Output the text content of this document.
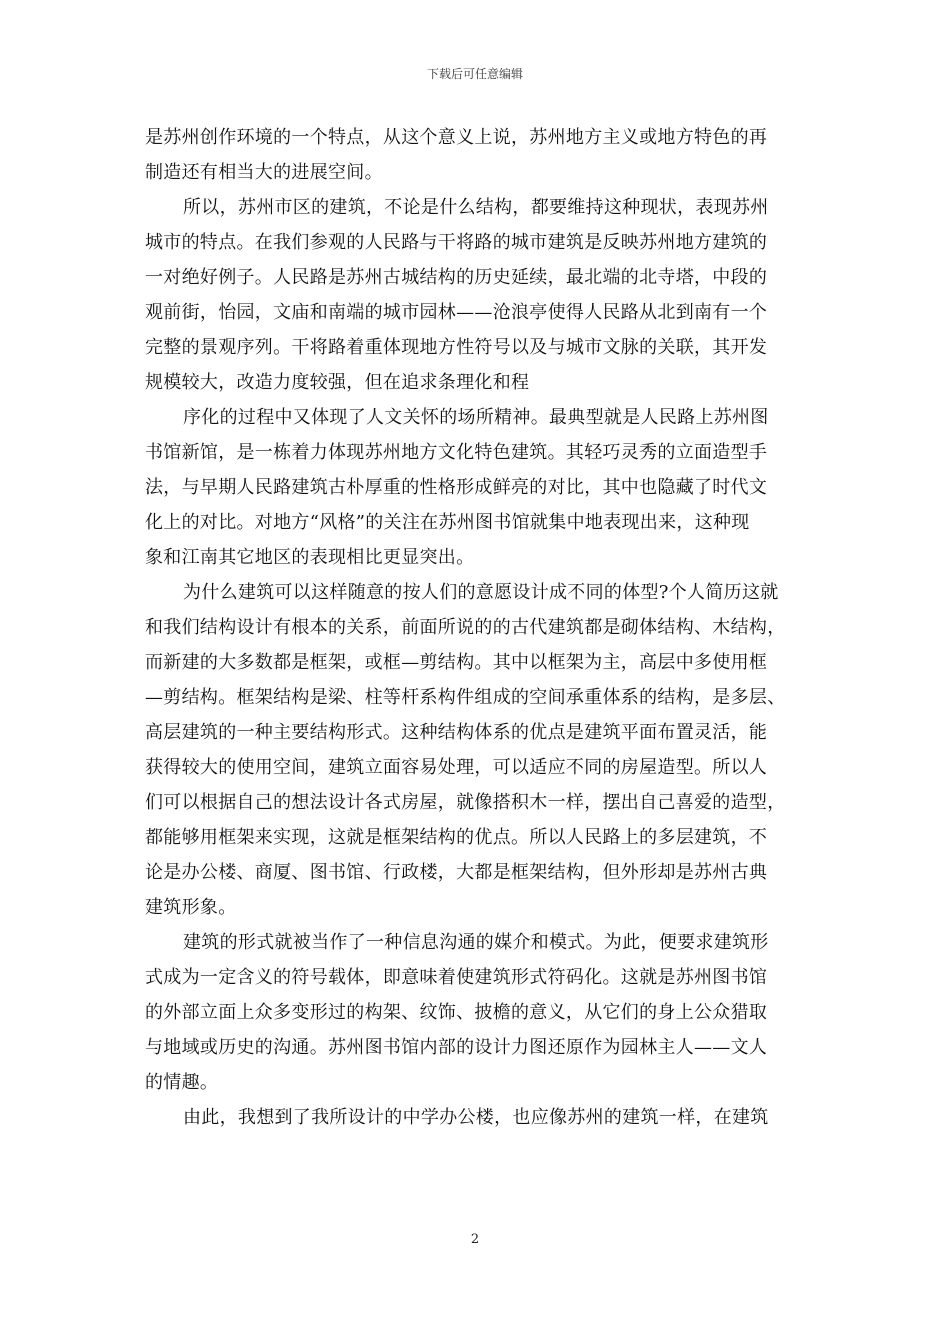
下载后可任意编辑

是苏州创作环境的一个特点，从这个意义上说，苏州地方主义或地方特色的再
制造还有相当大的进展空间。

所以，苏州市区的建筑，不论是什么结构，都要维持这种现状，表现苏州
城市的特点。在我们参观的人民路与干将路的城市建筑是反映苏州地方建筑的
一对绝好例子。人民路是苏州古城结构的历史延续，最北端的北寺塔，中段的
观前街，怡园，文庙和南端的城市园林——沧浪亭使得人民路从北到南有一个
完整的景观序列。干将路着重体现地方性符号以及与城市文脉的关联，其开发
规模较大，改造力度较强，但在追求条理化和程

序化的过程中又体现了人文关怀的场所精神。最典型就是人民路上苏州图
书馆新馆，是一栋着力体现苏州地方文化特色建筑。其轻巧灵秀的立面造型手
法，与早期人民路建筑古朴厚重的性格形成鲜亮的对比，其中也隐藏了时代文
化上的对比。对地方“风格”的关注在苏州图书馆就集中地表现出来，这种现
象和江南其它地区的表现相比更显突出。

为什么建筑可以这样随意的按人们的意愿设计成不同的体型?个人简历这就
和我们结构设计有根本的关系，前面所说的的古代建筑都是砌体结构、木结构，
而新建的大多数都是框架，或框—剪结构。其中以框架为主，高层中多使用框
—剪结构。框架结构是梁、柱等杆系构件组成的空间承重体系的结构，是多层、
高层建筑的一种主要结构形式。这种结构体系的优点是建筑平面布置灵活，能
获得较大的使用空间，建筑立面容易处理，可以适应不同的房屋造型。所以人
们可以根据自己的想法设计各式房屋，就像搭积木一样，摆出自己喜爱的造型，
都能够用框架来实现，这就是框架结构的优点。所以人民路上的多层建筑，不
论是办公楼、商厦、图书馆、行政楼，大都是框架结构，但外形却是苏州古典
建筑形象。

建筑的形式就被当作了一种信息沟通的媒介和模式。为此，便要求建筑形
式成为一定含义的符号载体，即意味着使建筑形式符码化。这就是苏州图书馆
的外部立面上众多变形过的构架、纹饰、披檐的意义，从它们的身上公众猎取
与地域或历史的沟通。苏州图书馆内部的设计力图还原作为园林主人——文人
的情趣。

由此，我想到了我所设计的中学办公楼，也应像苏州的建筑一样，在建筑

2
